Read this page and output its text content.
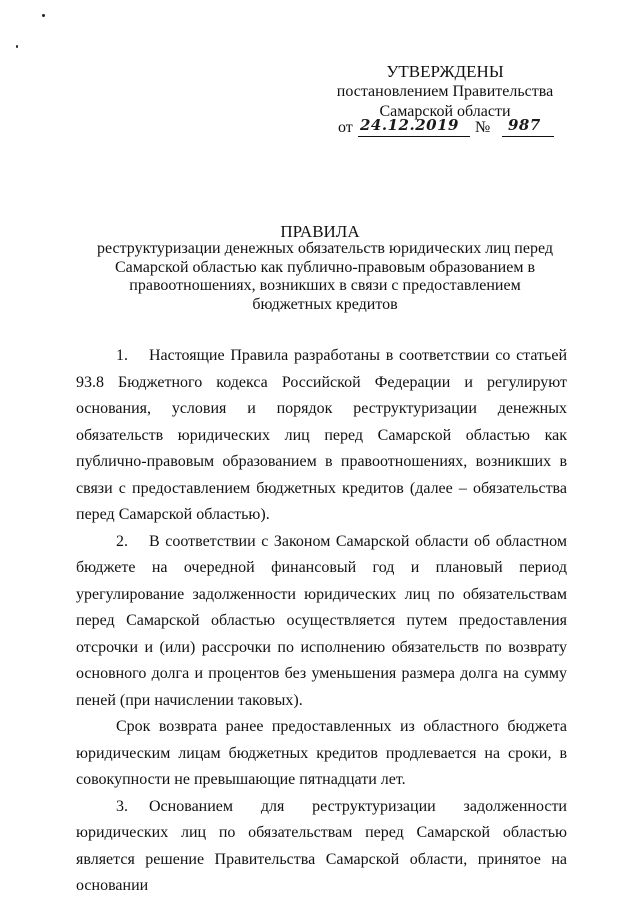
УТВЕРЖДЕНЫ
постановлением Правительства
Самарской области
от 24.12.2019 № 987
ПРАВИЛА
реструктуризации денежных обязательств юридических лиц перед Самарской областью как публично-правовым образованием в правоотношениях, возникших в связи с предоставлением бюджетных кредитов

1. Настоящие Правила разработаны в соответствии со статьей 93.8 Бюджетного кодекса Российской Федерации и регулируют основания, условия и порядок реструктуризации денежных обязательств юридических лиц перед Самарской областью как публично-правовым образованием в правоотношениях, возникших в связи с предоставлением бюджетных кредитов (далее – обязательства перед Самарской областью).

2. В соответствии с Законом Самарской области об областном бюджете на очередной финансовый год и плановый период урегулирование задолженности юридических лиц по обязательствам перед Самарской областью осуществляется путем предоставления отсрочки и (или) рассрочки по исполнению обязательств по возврату основного долга и процентов без уменьшения размера долга на сумму пеней (при начислении таковых).

Срок возврата ранее предоставленных из областного бюджета юридическим лицам бюджетных кредитов продлевается на сроки, в совокупности не превышающие пятнадцати лет.

3. Основанием для реструктуризации задолженности юридических лиц по обязательствам перед Самарской областью является решение Правительства Самарской области, принятое на основании
